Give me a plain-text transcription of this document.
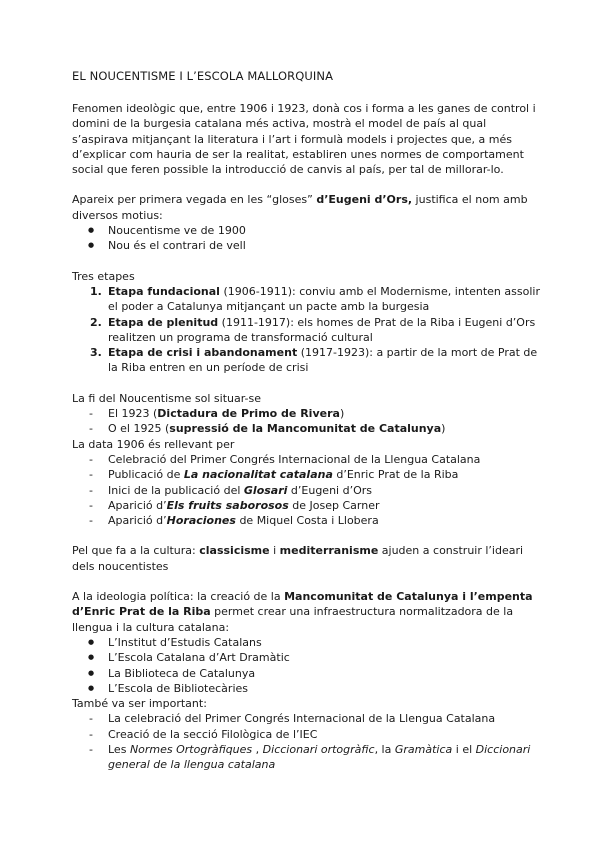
EL NOUCENTISME I L’ESCOLA MALLORQUINA

Fenomen ideològic que, entre 1906 i 1923, donà cos i forma a les ganes de control i domini de la burgesia catalana més activa, mostrà el model de país al qual s’aspirava mitjançant la literatura i l’art i formulà models i projectes que, a més d’explicar com hauria de ser la realitat, establiren unes normes de comportament social que feren possible la introducció de canvis al país, per tal de millorar-lo.

Apareix per primera vegada en les “gloses” d’Eugeni d’Ors, justifica el nom amb diversos motius:

● Noucentisme ve de 1900
● Nou és el contrari de vell

Tres etapes

1. Etapa fundacional (1906-1911): conviu amb el Modernisme, intenten assolir el poder a Catalunya mitjançant un pacte amb la burgesia
2. Etapa de plenitud (1911-1917): els homes de Prat de la Riba i Eugeni d’Ors realitzen un programa de transformació cultural
3. Etapa de crisi i abandonament (1917-1923): a partir de la mort de Prat de la Riba entren en un període de crisi

La fi del Noucentisme sol situar-se

- El 1923 (Dictadura de Primo de Rivera)
- O el 1925 (supressió de la Mancomunitat de Catalunya)

La data 1906 és rellevant per

- Celebració del Primer Congrés Internacional de la Llengua Catalana
- Publicació de La nacionalitat catalana d’Enric Prat de la Riba
- Inici de la publicació del Glosari d’Eugeni d’Ors
- Aparició d’Els fruits saborosos de Josep Carner
- Aparició d’Horaciones de Miquel Costa i Llobera

Pel que fa a la cultura: classicisme i mediterranisme ajuden a construir l’ideari dels noucentistes

A la ideologia política: la creació de la Mancomunitat de Catalunya i l’empenta d’Enric Prat de la Riba permet crear una infraestructura normalitzadora de la llengua i la cultura catalana:

● L’Institut d’Estudis Catalans
● L’Escola Catalana d’Art Dramàtic
● La Biblioteca de Catalunya
● L’Escola de Bibliotecàries

També va ser important:

- La celebració del Primer Congrés Internacional de la Llengua Catalana
- Creació de la secció Filològica de l’IEC
- Les Normes Ortogràfiques , Diccionari ortogràfic, la Gramàtica i el Diccionari general de la llengua catalana
